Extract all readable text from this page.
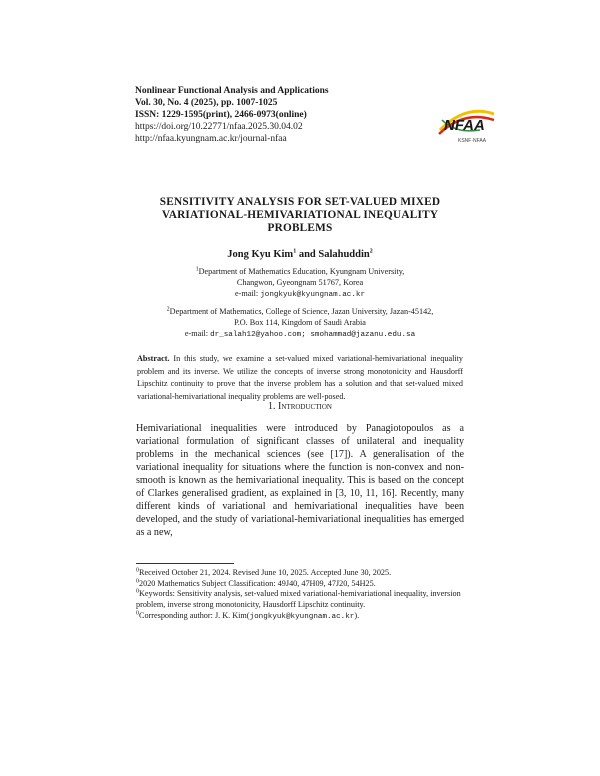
Nonlinear Functional Analysis and Applications
Vol. 30, No. 4 (2025), pp. 1007-1025
ISSN: 1229-1595(print), 2466-0973(online)
https://doi.org/10.22771/nfaa.2025.30.04.02
http://nfaa.kyungnam.ac.kr/journal-nfaa
NFAA
KSNF·NFAA
SENSITIVITY ANALYSIS FOR SET-VALUED MIXED
VARIATIONAL-HEMIVARIATIONAL INEQUALITY
PROBLEMS
Jong Kyu Kim$^1$ and Salahuddin$^2$
$^1$Department of Mathematics Education, Kyungnam University,
Changwon, Gyeongnam 51767, Korea
e-mail: jongkyuk@kyungnam.ac.kr
$^2$Department of Mathematics, College of Science, Jazan University, Jazan-45142,
P.O. Box 114, Kingdom of Saudi Arabia
e-mail: dr_salah12@yahoo.com; smohammad@jazanu.edu.sa
Abstract. In this study, we examine a set-valued mixed variational-hemivariational inequality problem and its inverse. We utilize the concepts of inverse strong monotonicity and Hausdorff Lipschitz continuity to prove that the inverse problem has a solution and that set-valued mixed variational-hemivariational inequality problems are well-posed.
1. Introduction
Hemivariational inequalities were introduced by Panagiotopoulos as a variational formulation of significant classes of unilateral and inequality problems in the mechanical sciences (see [17]). A generalisation of the variational inequality for situations where the function is non-convex and non-smooth is known as the hemivariational inequality. This is based on the concept of Clarkes generalised gradient, as explained in [3, 10, 11, 16]. Recently, many different kinds of variational and hemivariational inequalities have been developed, and the study of variational-hemivariational inequalities has emerged as a new,

$^0$Received October 21, 2024. Revised June 10, 2025. Accepted June 30, 2025.

$^0$2020 Mathematics Subject Classification: 49J40, 47H09, 47J20, 54H25.

$^0$Keywords: Sensitivity analysis, set-valued mixed variational-hemivariational inequality, inversion problem, inverse strong monotonicity, Hausdorff Lipschitz continuity.

$^0$Corresponding author: J. K. Kim(jongkyuk@kyungnam.ac.kr).
